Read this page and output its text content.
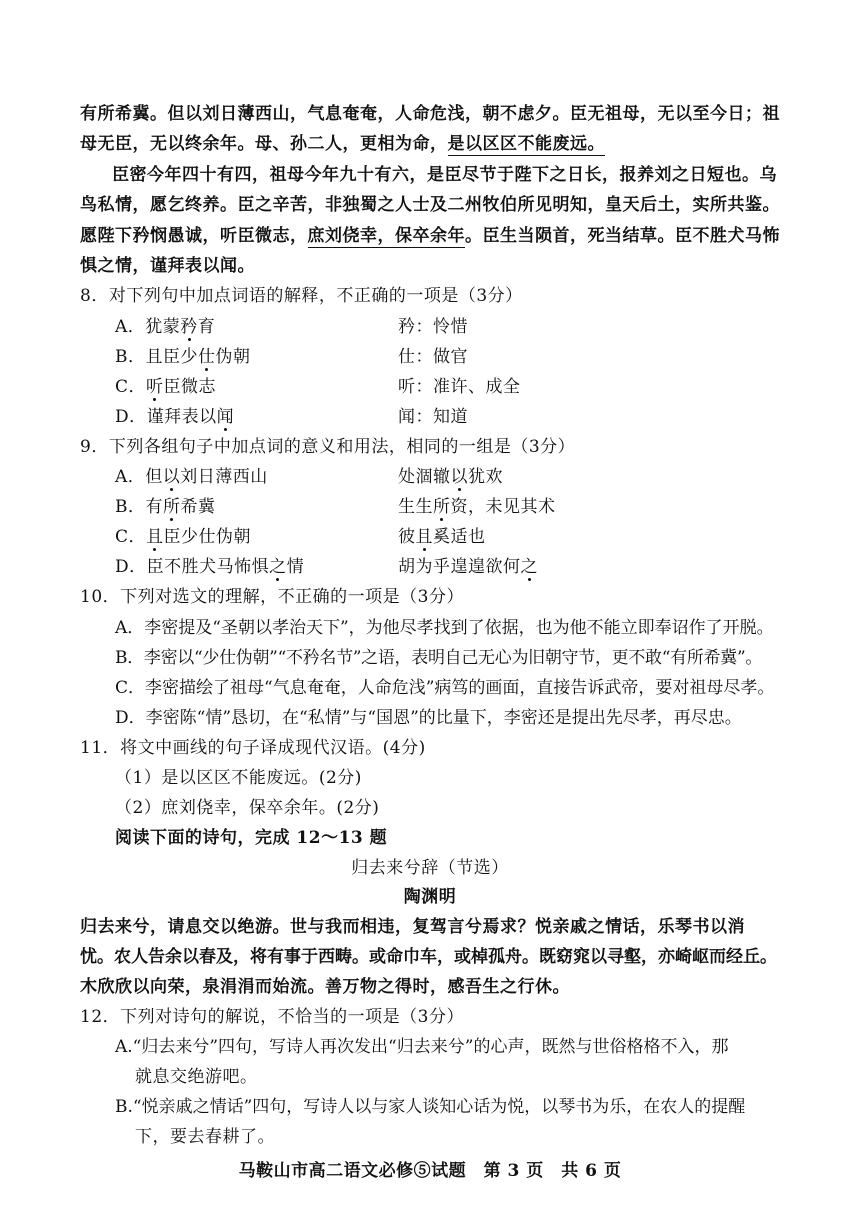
有所希冀。但以刘日薄西山，气息奄奄，人命危浅，朝不虑夕。臣无祖母，无以至今日；祖
母无臣，无以终余年。母、孙二人，更相为命，是以区区不能废远。
臣密今年四十有四，祖母今年九十有六，是臣尽节于陛下之日长，报养刘之日短也。乌
鸟私情，愿乞终养。臣之辛苦，非独蜀之人士及二州牧伯所见明知，皇天后土，实所共鉴。
愿陛下矜悯愚诚，听臣微志，庶刘侥幸，保卒余年。臣生当陨首，死当结草。臣不胜犬马怖
惧之情，谨拜表以闻。
8．对下列句中加点词语的解释，不正确的一项是（3分）
A．犹蒙矜育	矜：怜惜
B．且臣少仕伪朝	仕：做官
C．听臣微志	听：准许、成全
D．谨拜表以闻	闻：知道
9．下列各组句子中加点词的意义和用法，相同的一组是（3分）
A．但以刘日薄西山	处涸辙以犹欢
B．有所希冀	生生所资，未见其术
C．且臣少仕伪朝	彼且奚适也
D．臣不胜犬马怖惧之情	胡为乎遑遑欲何之
10．下列对选文的理解，不正确的一项是（3分）
A．李密提及“圣朝以孝治天下”，为他尽孝找到了依据，也为他不能立即奉诏作了开脱。
B．李密以“少仕伪朝”“不矜名节”之语，表明自己无心为旧朝守节，更不敢“有所希冀”。
C．李密描绘了祖母“气息奄奄，人命危浅”病笃的画面，直接告诉武帝，要对祖母尽孝。
D．李密陈“情”恳切，在“私情”与“国恩”的比量下，李密还是提出先尽孝，再尽忠。
11．将文中画线的句子译成现代汉语。(4分)
（1）是以区区不能废远。(2分)
（2）庶刘侥幸，保卒余年。(2分)
阅读下面的诗句，完成 12～13 题
归去来兮辞（节选）
陶渊明
归去来兮，请息交以绝游。世与我而相违，复驾言兮焉求？悦亲戚之情话，乐琴书以消
忧。农人告余以春及，将有事于西畴。或命巾车，或棹孤舟。既窈窕以寻壑，亦崎岖而经丘。
木欣欣以向荣，泉涓涓而始流。善万物之得时，感吾生之行休。
12．下列对诗句的解说，不恰当的一项是（3分）
A.“归去来兮”四句，写诗人再次发出“归去来兮”的心声，既然与世俗格格不入，那
就息交绝游吧。
B.“悦亲戚之情话”四句，写诗人以与家人谈知心话为悦，以琴书为乐，在农人的提醒
下，要去春耕了。
马鞍山市高二语文必修⑤试题　第 3 页　共 6 页
